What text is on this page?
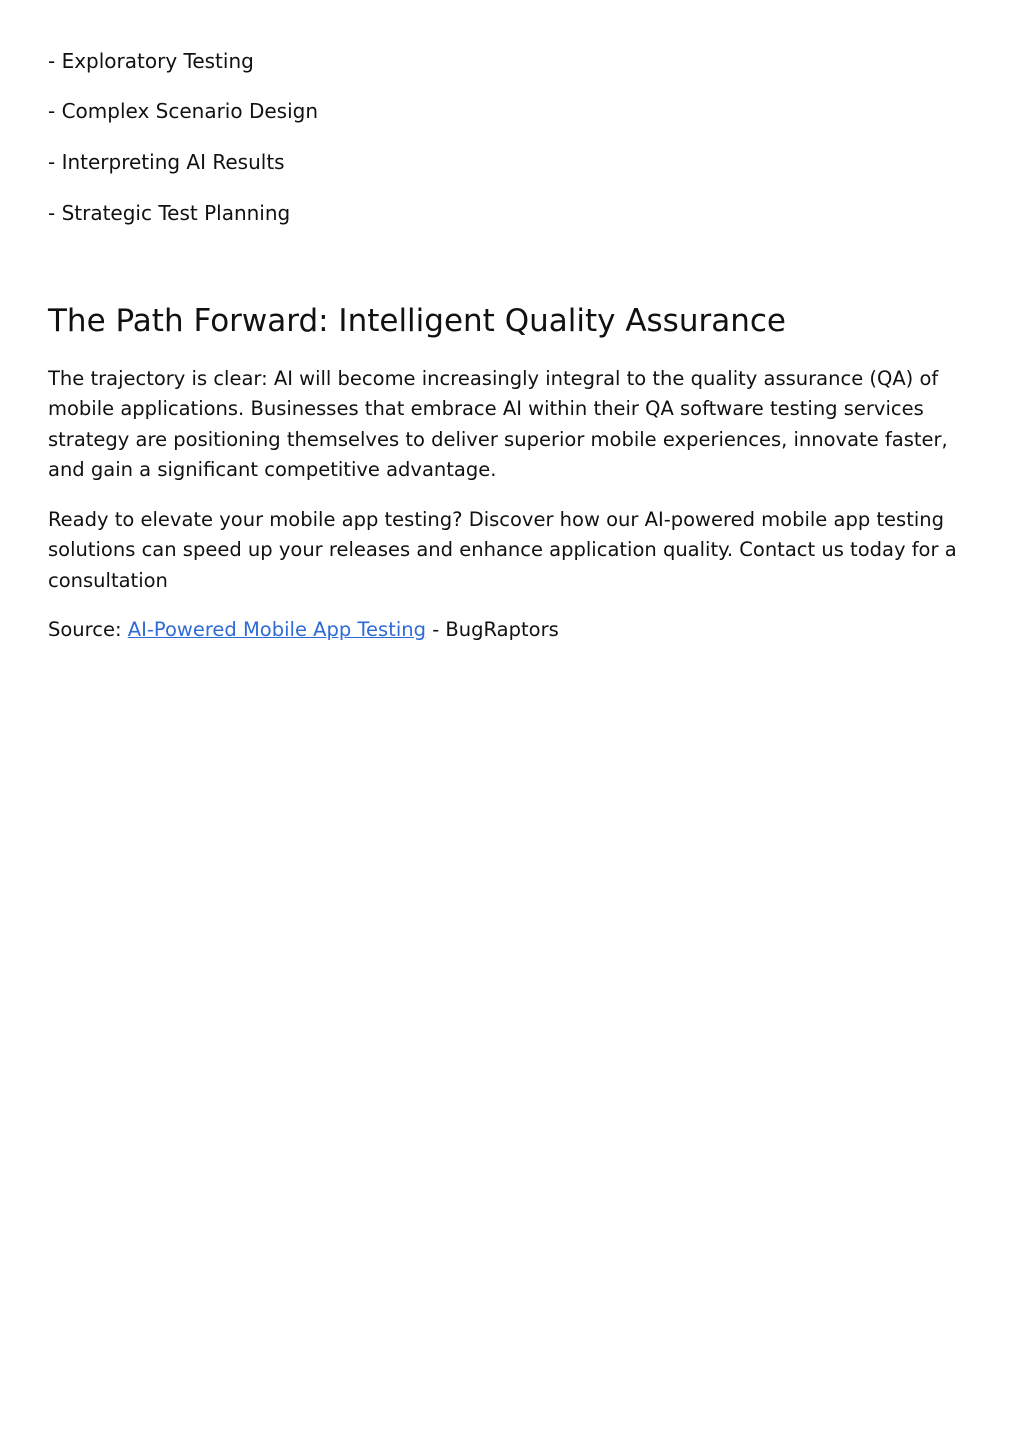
- Exploratory Testing

- Complex Scenario Design

- Interpreting AI Results

- Strategic Test Planning

The Path Forward: Intelligent Quality Assurance

The trajectory is clear: AI will become increasingly integral to the quality assurance (QA) of mobile applications. Businesses that embrace AI within their QA software testing services strategy are positioning themselves to deliver superior mobile experiences, innovate faster, and gain a significant competitive advantage.

Ready to elevate your mobile app testing? Discover how our AI-powered mobile app testing solutions can speed up your releases and enhance application quality. Contact us today for a consultation

Source: AI-Powered Mobile App Testing - BugRaptors
